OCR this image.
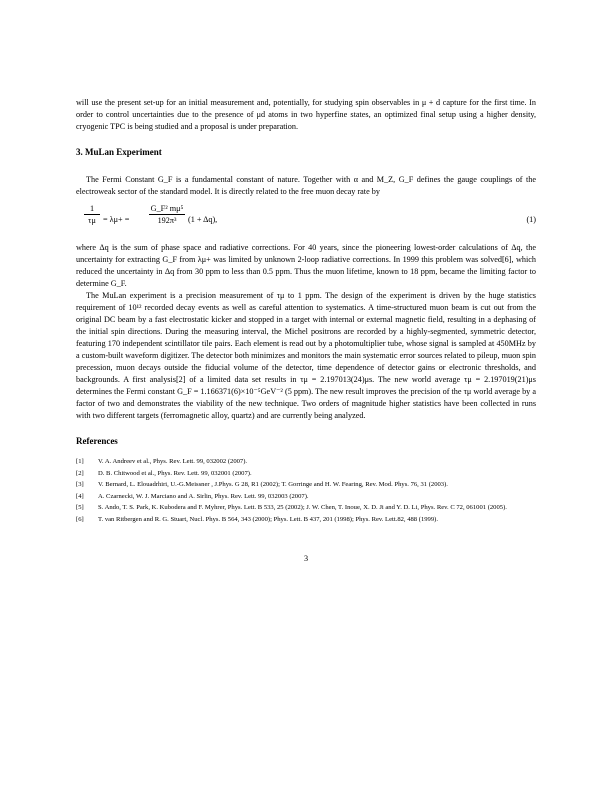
will use the present set-up for an initial measurement and, potentially, for studying spin observables in μ + d capture for the first time. In order to control uncertainties due to the presence of μd atoms in two hyperfine states, an optimized final setup using a higher density, cryogenic TPC is being studied and a proposal is under preparation.

3. MuLan Experiment

The Fermi Constant G_F is a fundamental constant of nature. Together with α and M_Z, G_F defines the gauge couplings of the electroweak sector of the standard model. It is directly related to the free muon decay rate by

$\frac{1}{\tau\mu} = \lambda\mu+ = \frac{\text{G\_F² mμ⁵}}{\text{192π³}} (1 + \Delta q)$,	(1)

where Δq is the sum of phase space and radiative corrections. For 40 years, since the pioneering lowest-order calculations of Δq, the uncertainty for extracting G_F from λμ+ was limited by unknown 2-loop radiative corrections. In 1999 this problem was solved[6], which reduced the uncertainty in Δq from 30 ppm to less than 0.5 ppm. Thus the muon lifetime, known to 18 ppm, became the limiting factor to determine G_F.

The MuLan experiment is a precision measurement of τμ to 1 ppm. The design of the experiment is driven by the huge statistics requirement of 10¹² recorded decay events as well as careful attention to systematics. A time-structured muon beam is cut out from the original DC beam by a fast electrostatic kicker and stopped in a target with internal or external magnetic field, resulting in a dephasing of the initial spin directions. During the measuring interval, the Michel positrons are recorded by a highly-segmented, symmetric detector, featuring 170 independent scintillator tile pairs. Each element is read out by a photomultiplier tube, whose signal is sampled at 450MHz by a custom-built waveform digitizer. The detector both minimizes and monitors the main systematic error sources related to pileup, muon spin precession, muon decays outside the fiducial volume of the detector, time dependence of detector gains or electronic thresholds, and backgrounds. A first analysis[2] of a limited data set results in τμ = 2.197013(24)μs. The new world average τμ = 2.197019(21)μs determines the Fermi constant G_F = 1.166371(6)×10⁻⁵GeV⁻² (5 ppm). The new result improves the precision of the τμ world average by a factor of two and demonstrates the viability of the new technique. Two orders of magnitude higher statistics have been collected in runs with two different targets (ferromagnetic alloy, quartz) and are currently being analyzed.

References
[1] V. A. Andreev et al., Phys. Rev. Lett. 99, 032002 (2007).
[2] D. B. Chitwood et al., Phys. Rev. Lett. 99, 032001 (2007).
[3] V. Bernard, L. Elouadrhiri, U.-G.Meissner , J.Phys. G 28, R1 (2002); T. Gorringe and H. W. Fearing, Rev. Mod. Phys. 76, 31 (2003).
[4] A. Czarnecki, W. J. Marciano and A. Sirlin, Phys. Rev. Lett. 99, 032003 (2007).
[5] S. Ando, T. S. Park, K. Kubodera and F. Myhrer, Phys. Lett. B 533, 25 (2002); J. W. Chen, T. Inoue, X. D. Ji and Y. D. Li, Phys. Rev. C 72, 061001 (2005).
[6] T. van Ritbergen and R. G. Stuart, Nucl. Phys. B 564, 343 (2000); Phys. Lett. B 437, 201 (1998); Phys. Rev. Lett.82, 488 (1999).
3
